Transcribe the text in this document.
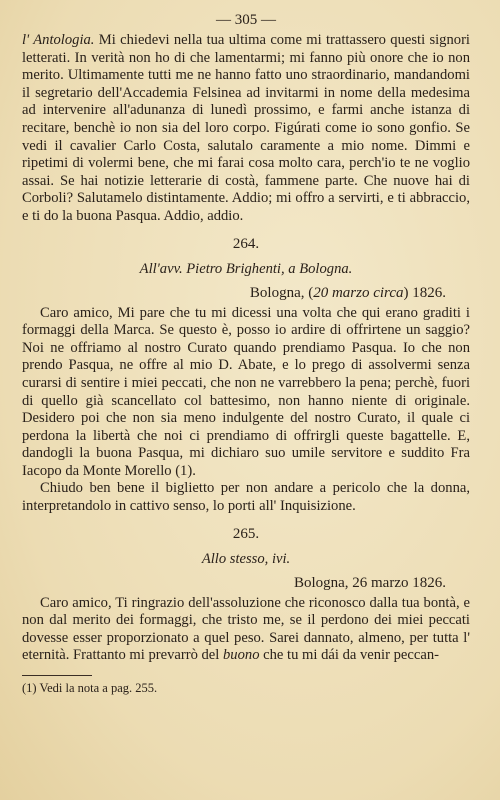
— 305 —

l' Antologia. Mi chiedevi nella tua ultima come mi trattassero questi signori letterati. In verità non ho di che lamentarmi; mi fanno più onore che io non merito. Ultimamente tutti me ne hanno fatto uno straordinario, mandandomi il segretario dell'Accademia Felsinea ad invitarmi in nome della medesima ad intervenire all'adunanza di lunedì prossimo, e farmi anche istanza di recitare, benchè io non sia del loro corpo. Figúrati come io sono gonfio. Se vedi il cavalier Carlo Costa, salutalo caramente a mio nome. Dimmi e ripetimi di volermi bene, che mi farai cosa molto cara, perch'io te ne voglio assai. Se hai notizie letterarie di costà, fammene parte. Che nuove hai di Corboli? Salutamelo distintamente. Addio; mi offro a servirti, e ti abbraccio, e ti do la buona Pasqua. Addio, addio.

264.
All'avv. Pietro Brighenti, a Bologna.
Bologna, (20 marzo circa) 1826.

Caro amico, Mi pare che tu mi dicessi una volta che qui erano graditi i formaggi della Marca. Se questo è, posso io ardire di offrirtene un saggio? Noi ne offriamo al nostro Curato quando prendiamo Pasqua. Io che non prendo Pasqua, ne offre al mio D. Abate, e lo prego di assolvermi senza curarsi di sentire i miei peccati, che non ne varrebbero la pena; perchè, fuori di quello già scancellato col battesimo, non hanno niente di originale. Desidero poi che non sia meno indulgente del nostro Curato, il quale ci perdona la libertà che noi ci prendiamo di offrirgli queste bagattelle. E, dandogli la buona Pasqua, mi dichiaro suo umile servitore e suddito Fra Iacopo da Monte Morello (1).

Chiudo ben bene il biglietto per non andare a pericolo che la donna, interpretandolo in cattivo senso, lo porti all' Inquisizione.

265.
Allo stesso, ivi.
Bologna, 26 marzo 1826.

Caro amico, Ti ringrazio dell'assoluzione che riconosco dalla tua bontà, e non dal merito dei formaggi, che tristo me, se il perdono dei miei peccati dovesse esser proporzionato a quel peso. Sarei dannato, almeno, per tutta l' eternità. Frattanto mi prevarrò del buono che tu mi dái da venir peccan-

(1) Vedi la nota a pag. 255.
